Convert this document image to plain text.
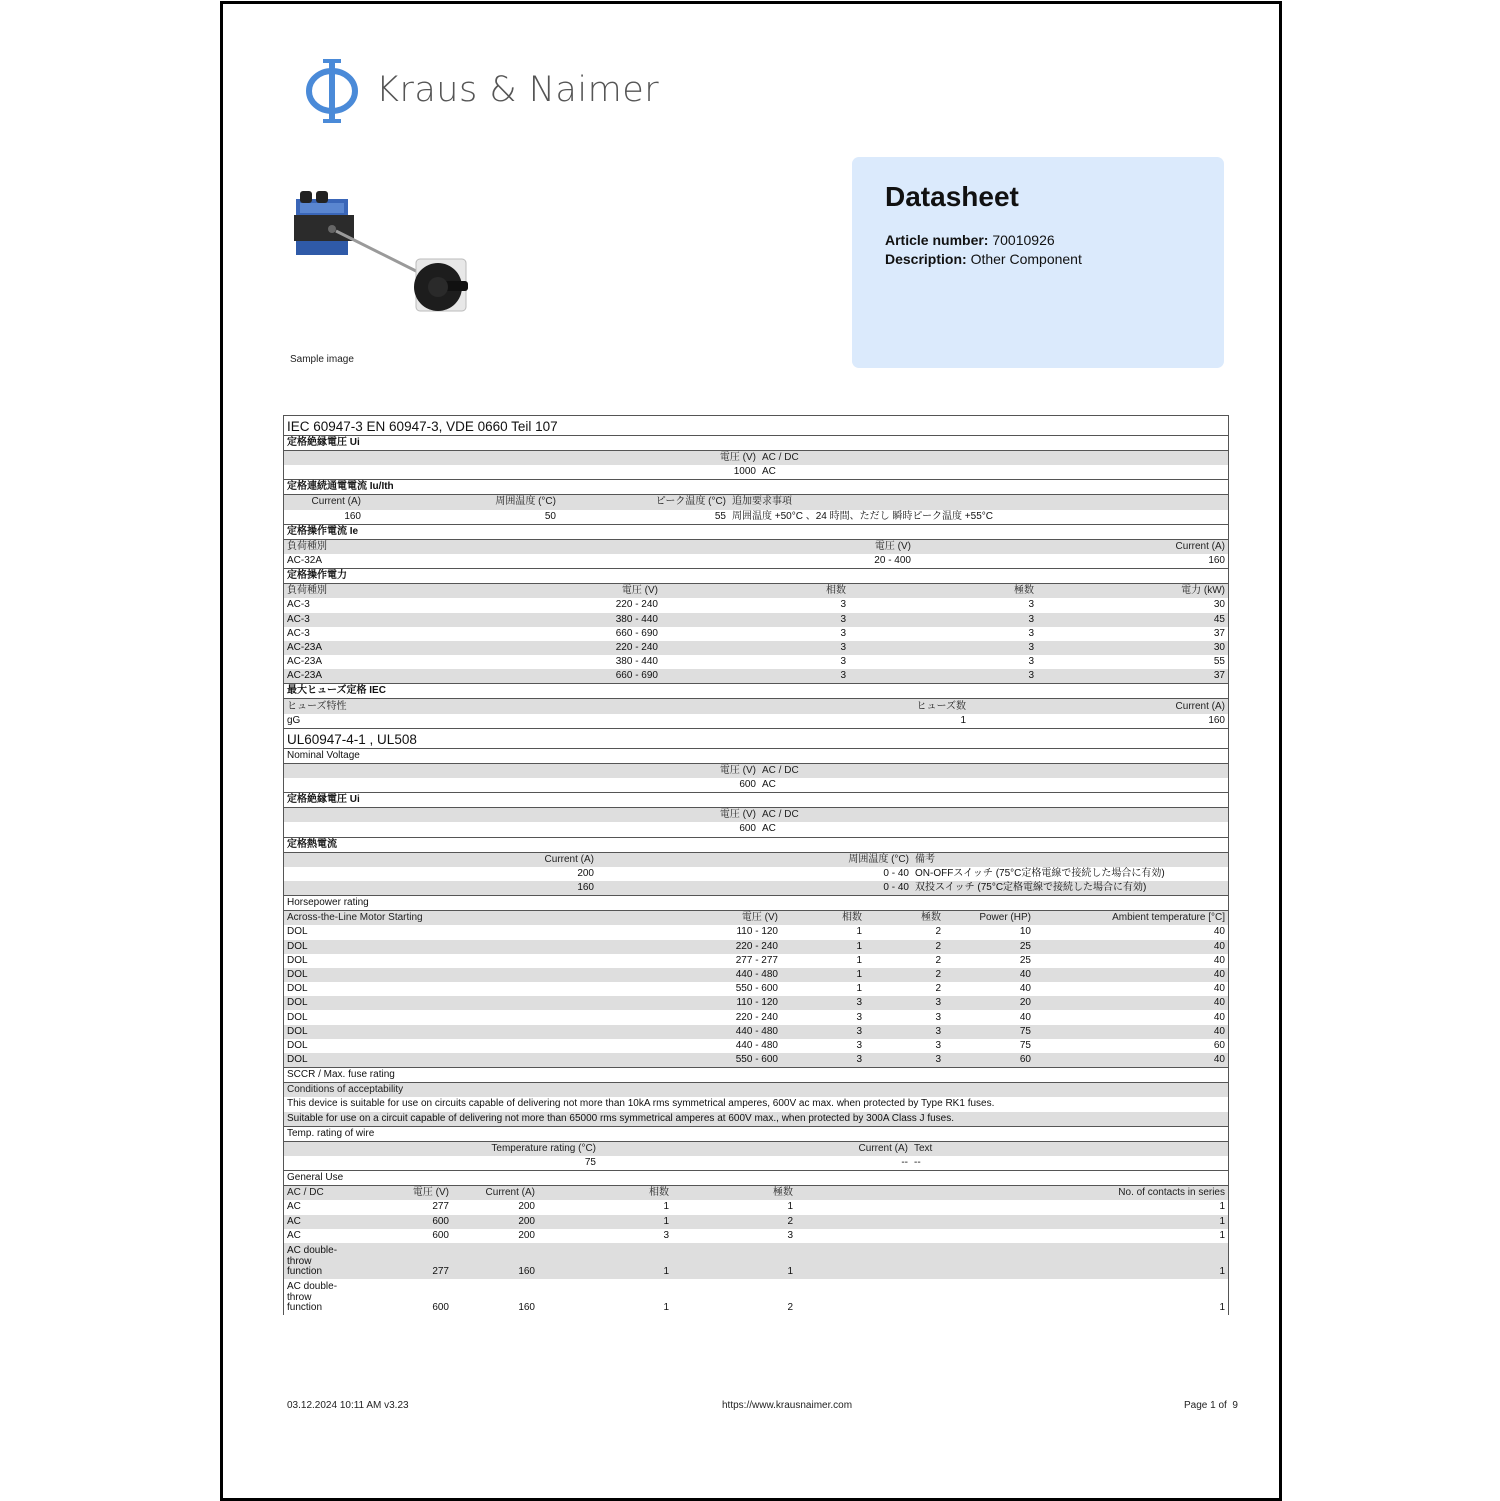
Kraus & Naimer
Sample image
Datasheet
Article number: 70010926
Description: Other Component
IEC 60947-3 EN 60947-3, VDE 0660 Teil 107
定格絶縁電圧 Ui
電圧 (V)	AC / DC
1000	AC
定格連続通電電流 Iu/Ith
Current (A)	周囲温度 (°C)	ピーク温度 (°C)	追加要求事項
160	50	55	周囲温度 +50°C 、24 時間、ただし 瞬時ピーク温度 +55°C
定格操作電流 Ie
負荷種別	電圧 (V)	Current (A)
AC-32A	20 - 400	160
定格操作電力
負荷種別	電圧 (V)	相数	極数	電力 (kW)
AC-3	220 - 240	3	3	30
AC-3	380 - 440	3	3	45
AC-3	660 - 690	3	3	37
AC-23A	220 - 240	3	3	30
AC-23A	380 - 440	3	3	55
AC-23A	660 - 690	3	3	37
最大ヒューズ定格 IEC
ヒューズ特性	ヒューズ数	Current (A)
gG	1	160
UL60947-4-1 , UL508
Nominal Voltage
電圧 (V)	AC / DC
600	AC
定格絶縁電圧 Ui
電圧 (V)	AC / DC
600	AC
定格熱電流
Current (A)	周囲温度 (°C)	備考
200	0 - 40	ON-OFFスイッチ (75°C定格電線で接続した場合に有効)
160	0 - 40	双投スイッチ (75°C定格電線で接続した場合に有効)
Horsepower rating
Across-the-Line Motor Starting	電圧 (V)	相数	極数	Power (HP)	Ambient temperature [°C]
DOL	110 - 120	1	2	10	40
DOL	220 - 240	1	2	25	40
DOL	277 - 277	1	2	25	40
DOL	440 - 480	1	2	40	40
DOL	550 - 600	1	2	40	40
DOL	110 - 120	3	3	20	40
DOL	220 - 240	3	3	40	40
DOL	440 - 480	3	3	75	40
DOL	440 - 480	3	3	75	60
DOL	550 - 600	3	3	60	40
SCCR / Max. fuse rating
Conditions of acceptability
This device is suitable for use on circuits capable of delivering not more than 10kA rms symmetrical amperes, 600V ac max. when protected by Type RK1 fuses.
Suitable for use on a circuit capable of delivering not more than 65000 rms symmetrical amperes at 600V max., when protected by 300A Class J fuses.
Temp. rating of wire
Temperature rating (°C)	Current (A)	Text
75	--	--
General Use
AC / DC	電圧 (V)	Current (A)	相数	極数	No. of contacts in series
AC	277	200	1	1	1
AC	600	200	1	2	1
AC	600	200	3	3	1
AC double-throw function	277	160	1	1	1
AC double-throw function	600	160	1	2	1
03.12.2024 10:11 AM v3.23	https://www.krausnaimer.com	Page 1 of  9
